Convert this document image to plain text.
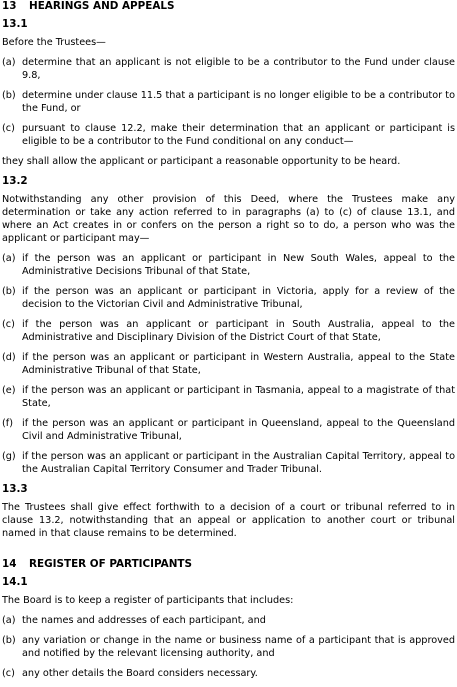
13 HEARINGS AND APPEALS
13.1

Before the Trustees—

(a) determine that an applicant is not eligible to be a contributor to the Fund under clause 9.8,
(b) determine under clause 11.5 that a participant is no longer eligible to be a contributor to the Fund, or
(c) pursuant to clause 12.2, make their determination that an applicant or participant is eligible to be a contributor to the Fund conditional on any conduct—

they shall allow the applicant or participant a reasonable opportunity to be heard.

13.2

Notwithstanding any other provision of this Deed, where the Trustees make any determination or take any action referred to in paragraphs (a) to (c) of clause 13.1, and where an Act creates in or confers on the person a right so to do, a person who was the applicant or participant may—

(a) if the person was an applicant or participant in New South Wales, appeal to the Administrative Decisions Tribunal of that State,
(b) if the person was an applicant or participant in Victoria, apply for a review of the decision to the Victorian Civil and Administrative Tribunal,
(c) if the person was an applicant or participant in South Australia, appeal to the Administrative and Disciplinary Division of the District Court of that State,
(d) if the person was an applicant or participant in Western Australia, appeal to the State Administrative Tribunal of that State,
(e) if the person was an applicant or participant in Tasmania, appeal to a magistrate of that State,
(f) if the person was an applicant or participant in Queensland, appeal to the Queensland Civil and Administrative Tribunal,
(g) if the person was an applicant or participant in the Australian Capital Territory, appeal to the Australian Capital Territory Consumer and Trader Tribunal.
13.3

The Trustees shall give effect forthwith to a decision of a court or tribunal referred to in clause 13.2, notwithstanding that an appeal or application to another court or tribunal named in that clause remains to be determined.

14 REGISTER OF PARTICIPANTS
14.1

The Board is to keep a register of participants that includes:

(a) the names and addresses of each participant, and
(b) any variation or change in the name or business name of a participant that is approved and notified by the relevant licensing authority, and
(c) any other details the Board considers necessary.
